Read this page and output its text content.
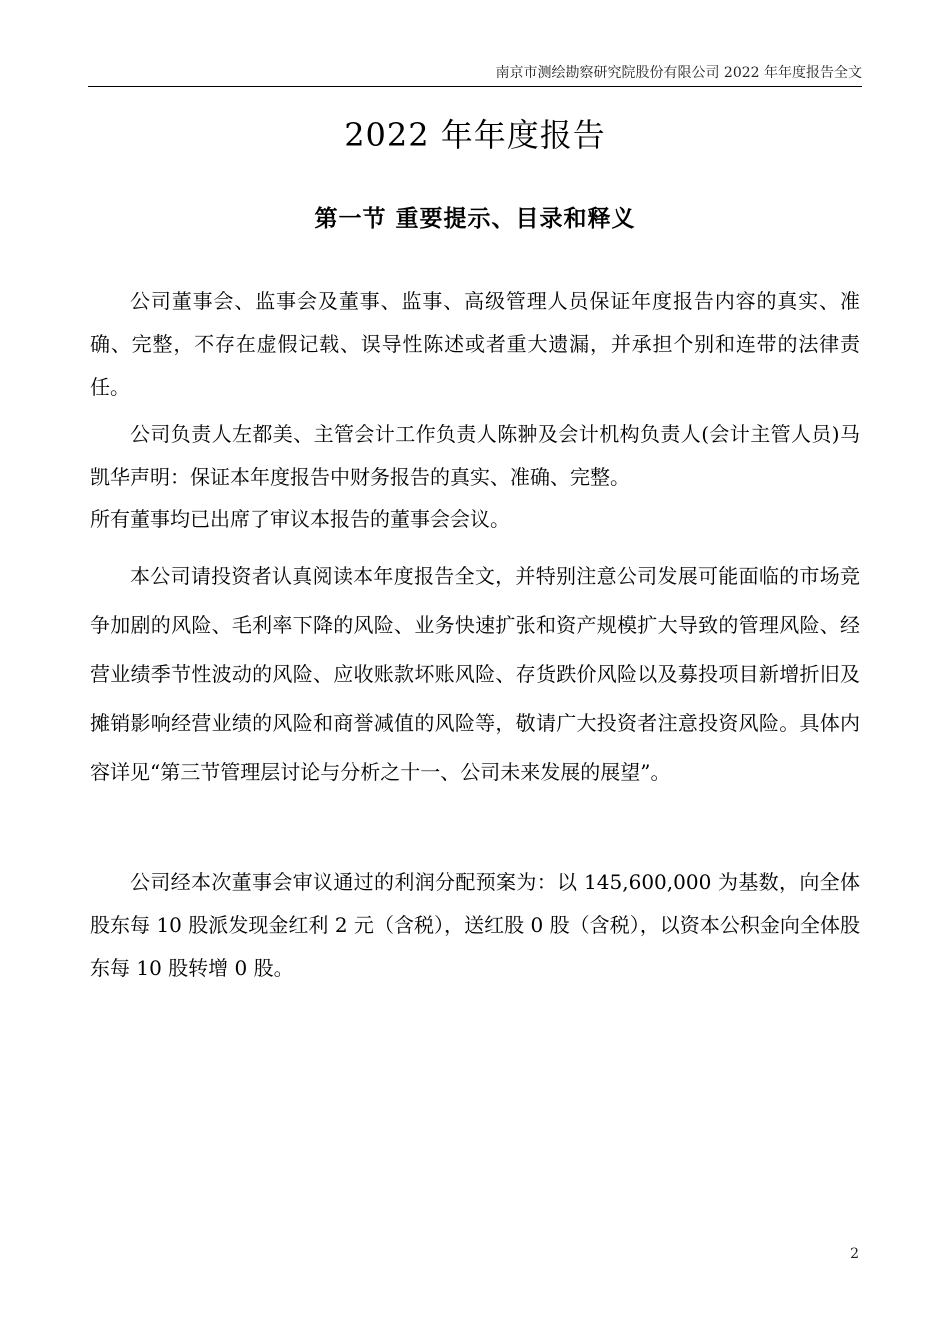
南京市测绘勘察研究院股份有限公司 2022 年年度报告全文
2022 年年度报告
第一节 重要提示、目录和释义

公司董事会、监事会及董事、监事、高级管理人员保证年度报告内容的真实、准确、完整，不存在虚假记载、误导性陈述或者重大遗漏，并承担个别和连带的法律责任。

公司负责人左都美、主管会计工作负责人陈翀及会计机构负责人(会计主管人员)马凯华声明：保证本年度报告中财务报告的真实、准确、完整。

所有董事均已出席了审议本报告的董事会会议。

本公司请投资者认真阅读本年度报告全文，并特别注意公司发展可能面临的市场竞争加剧的风险、毛利率下降的风险、业务快速扩张和资产规模扩大导致的管理风险、经营业绩季节性波动的风险、应收账款坏账风险、存货跌价风险以及募投项目新增折旧及摊销影响经营业绩的风险和商誉减值的风险等，敬请广大投资者注意投资风险。具体内容详见“第三节管理层讨论与分析之十一、公司未来发展的展望”。

公司经本次董事会审议通过的利润分配预案为：以 145,600,000 为基数，向全体股东每 10 股派发现金红利 2 元（含税），送红股 0 股（含税），以资本公积金向全体股东每 10 股转增 0 股。

2
